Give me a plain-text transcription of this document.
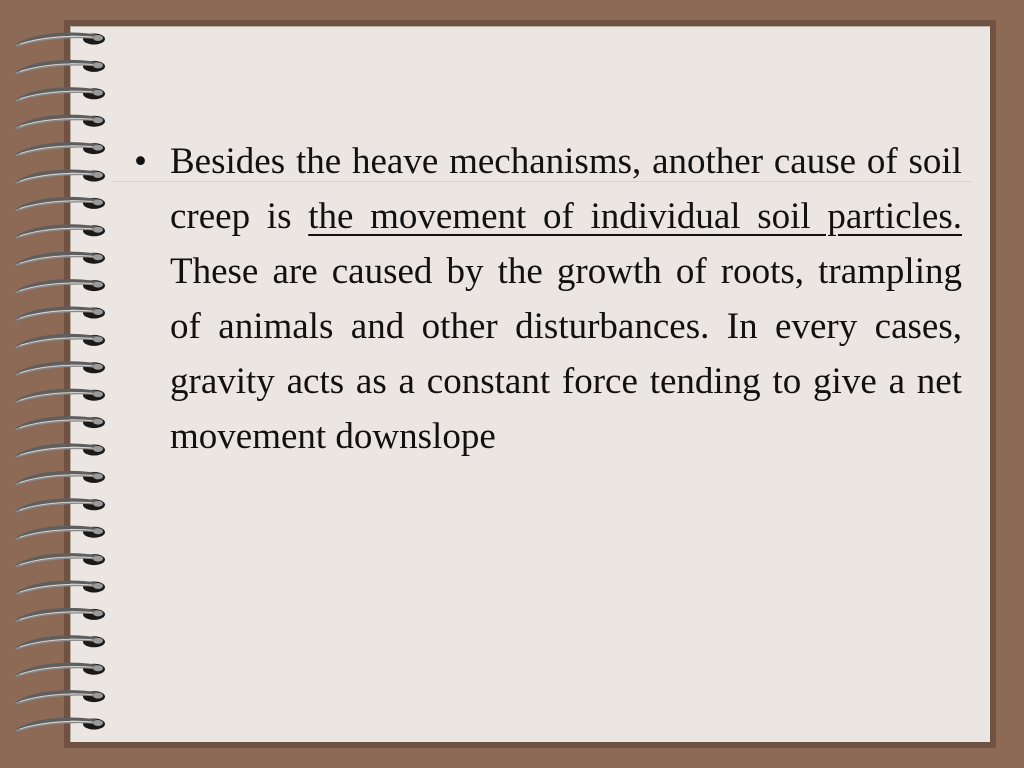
• Besides the heave mechanisms, another cause of soil creep is the movement of individual soil particles. These are caused by the growth of roots, trampling of animals and other disturbances. In every cases, gravity acts as a constant force tending to give a net movement downslope
